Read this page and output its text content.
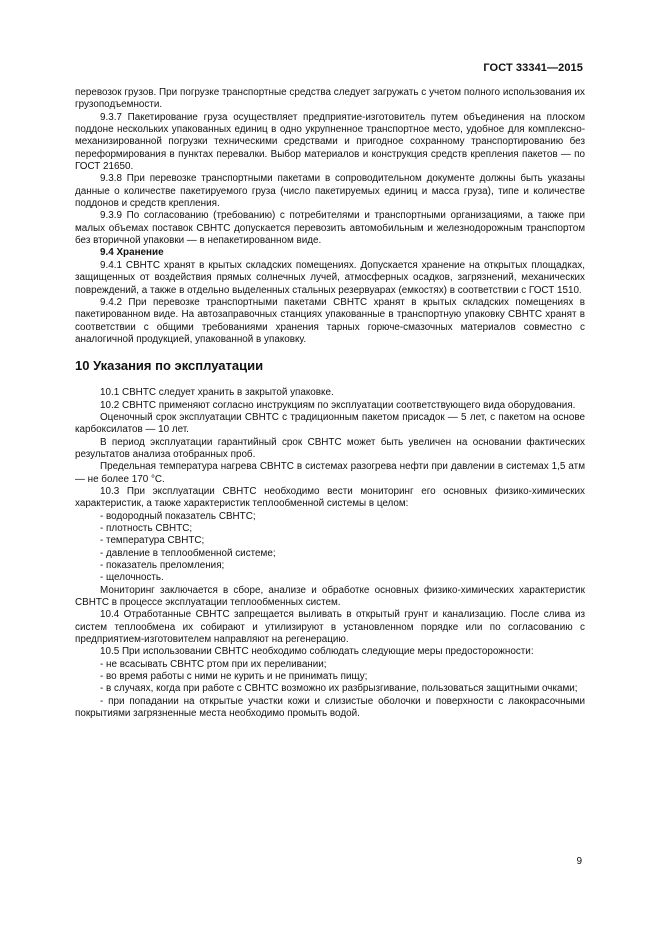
ГОСТ 33341—2015

перевозок грузов. При погрузке транспортные средства следует загружать с учетом полного использования их грузоподъемности.

9.3.7 Пакетирование груза осуществляет предприятие-изготовитель путем объединения на плоском поддоне нескольких упакованных единиц в одно укрупненное транспортное место, удобное для комплексно-механизированной погрузки техническими средствами и пригодное сохранному транспортированию без переформирования в пунктах перевалки. Выбор материалов и конструкция средств крепления пакетов — по ГОСТ 21650.

9.3.8 При перевозке транспортными пакетами в сопроводительном документе должны быть указаны данные о количестве пакетируемого груза (число пакетируемых единиц и масса груза), типе и количестве поддонов и средств крепления.

9.3.9 По согласованию (требованию) с потребителями и транспортными организациями, а также при малых объемах поставок СВНТС допускается перевозить автомобильным и железнодорожным транспортом без вторичной упаковки — в непакетированном виде.

9.4 Хранение

9.4.1 СВНТС хранят в крытых складских помещениях. Допускается хранение на открытых площадках, защищенных от воздействия прямых солнечных лучей, атмосферных осадков, загрязнений, механических повреждений, а также в отдельно выделенных стальных резервуарах (емкостях) в соответствии с ГОСТ 1510.

9.4.2 При перевозке транспортными пакетами СВНТС хранят в крытых складских помещениях в пакетированном виде. На автозаправочных станциях упакованные в транспортную упаковку СВНТС хранят в соответствии с общими требованиями хранения тарных горюче-смазочных материалов совместно с аналогичной продукцией, упакованной в упаковку.

10 Указания по эксплуатации

10.1 СВНТС следует хранить в закрытой упаковке.

10.2 СВНТС применяют согласно инструкциям по эксплуатации соответствующего вида оборудования.

Оценочный срок эксплуатации СВНТС с традиционным пакетом присадок — 5 лет, с пакетом на основе карбоксилатов — 10 лет.

В период эксплуатации гарантийный срок СВНТС может быть увеличен на основании фактических результатов анализа отобранных проб.

Предельная температура нагрева СВНТС в системах разогрева нефти при давлении в системах 1,5 атм — не более 170 °С.

10.3 При эксплуатации СВНТС необходимо вести мониторинг его основных физико-химических характеристик, а также характеристик теплообменной системы в целом:

- водородный показатель СВНТС;

- плотность СВНТС;

- температура СВНТС;

- давление в теплообменной системе;

- показатель преломления;

- щелочность.

Мониторинг заключается в сборе, анализе и обработке основных физико-химических характеристик СВНТС в процессе эксплуатации теплообменных систем.

10.4 Отработанные СВНТС запрещается выливать в открытый грунт и канализацию. После слива из систем теплообмена их собирают и утилизируют в установленном порядке или по согласованию с предприятием-изготовителем направляют на регенерацию.

10.5 При использовании СВНТС необходимо соблюдать следующие меры предосторожности:

- не всасывать СВНТС ртом при их переливании;

- во время работы с ними не курить и не принимать пищу;

- в случаях, когда при работе с СВНТС возможно их разбрызгивание, пользоваться защитными очками;

- при попадании на открытые участки кожи и слизистые оболочки и поверхности с лакокрасочными покрытиями загрязненные места необходимо промыть водой.

9
